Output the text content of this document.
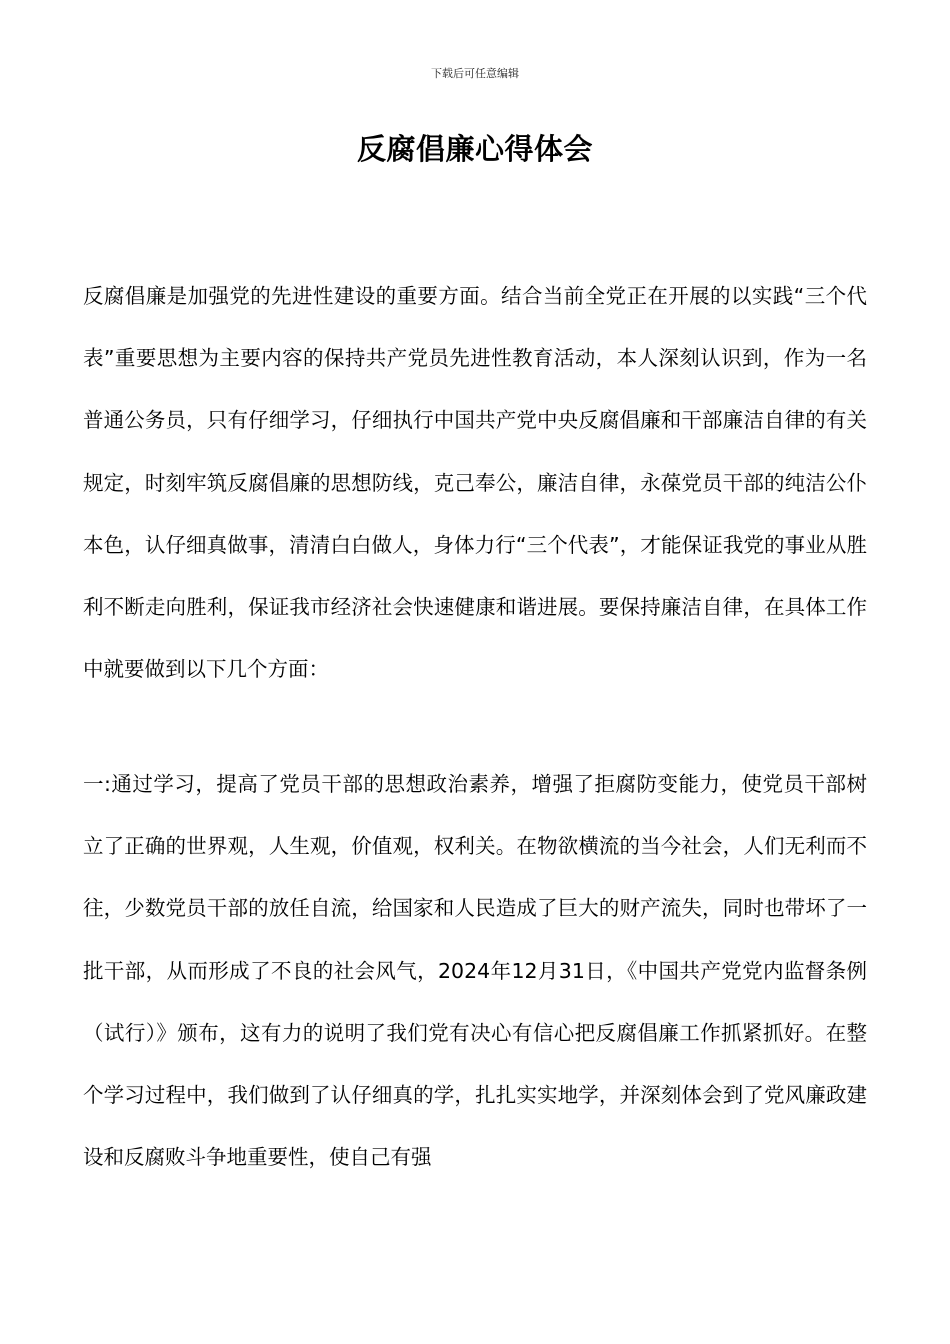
下载后可任意编辑
反腐倡廉心得体会

反腐倡廉是加强党的先进性建设的重要方面。结合当前全党正在开展的以实践“三个代表”重要思想为主要内容的保持共产党员先进性教育活动，本人深刻认识到，作为一名普通公务员，只有仔细学习，仔细执行中国共产党中央反腐倡廉和干部廉洁自律的有关规定，时刻牢筑反腐倡廉的思想防线，克己奉公，廉洁自律，永葆党员干部的纯洁公仆本色，认仔细真做事，清清白白做人，身体力行“三个代表”，才能保证我党的事业从胜利不断走向胜利，保证我市经济社会快速健康和谐进展。要保持廉洁自律，在具体工作中就要做到以下几个方面：

一:通过学习，提高了党员干部的思想政治素养，增强了拒腐防变能力，使党员干部树立了正确的世界观，人生观，价值观，权利关。在物欲横流的当今社会，人们无利而不往，少数党员干部的放任自流，给国家和人民造成了巨大的财产流失，同时也带坏了一批干部，从而形成了不良的社会风气，2024年12月31日，《中国共产党党内监督条例（试行）》颁布，这有力的说明了我们党有决心有信心把反腐倡廉工作抓紧抓好。在整个学习过程中，我们做到了认仔细真的学，扎扎实实地学，并深刻体会到了党风廉政建设和反腐败斗争地重要性，使自己有强
